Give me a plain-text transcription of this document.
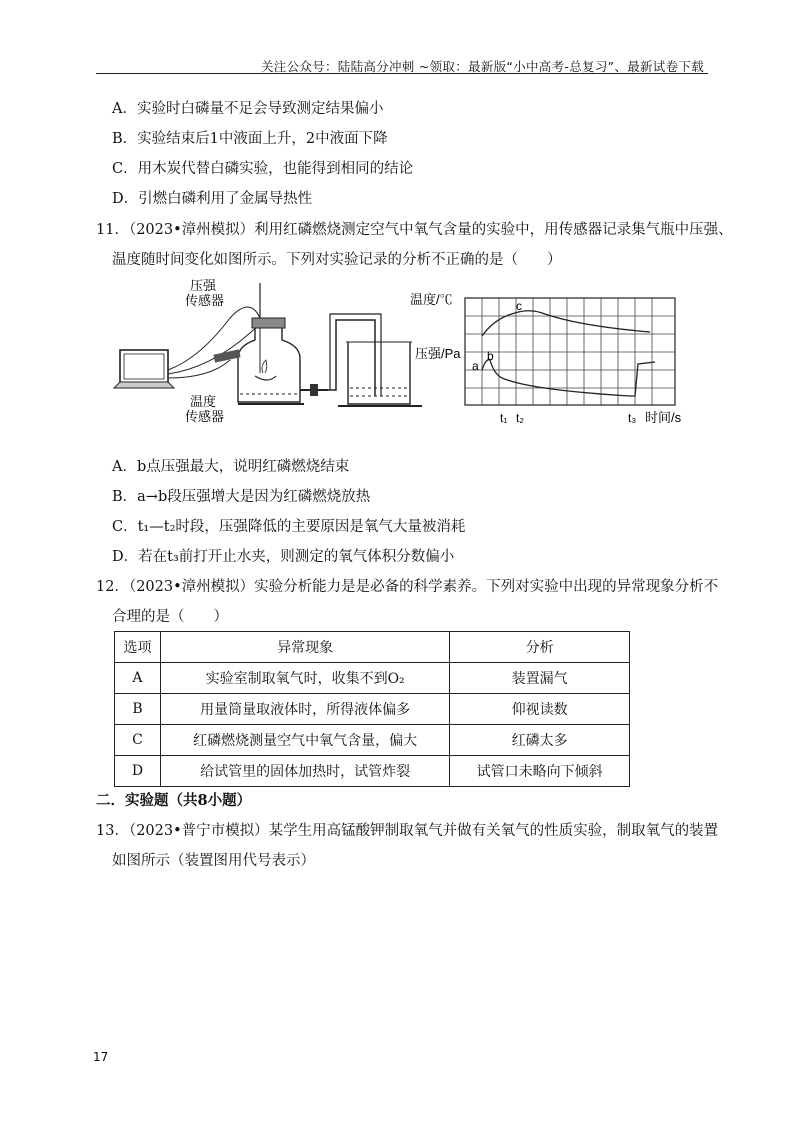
关注公众号：陆陆高分冲刺 ~领取：最新版“小中高考-总复习”、最新试卷下载
A．实验时白磷量不足会导致测定结果偏小
B．实验结束后1中液面上升，2中液面下降
C．用木炭代替白磷实验，也能得到相同的结论
D．引燃白磷利用了金属导热性
11．（2023•漳州模拟）利用红磷燃烧测定空气中氧气含量的实验中，用传感器记录集气瓶中压强、
温度随时间变化如图所示。下列对实验记录的分析不正确的是（　　）
压强
传感器
温度
传感器
温度/℃
压强/Pa
a
b
c
t₁ t₂	t₃ 时间/s
A．b点压强最大，说明红磷燃烧结束
B．a→b段压强增大是因为红磷燃烧放热
C．t₁—t₂时段，压强降低的主要原因是氧气大量被消耗
D．若在t₃前打开止水夹，则测定的氧气体积分数偏小
12．（2023•漳州模拟）实验分析能力是是必备的科学素养。下列对实验中出现的异常现象分析不
合理的是（　　）
选项	异常现象	分析
A	实验室制取氧气时，收集不到O₂	装置漏气
B	用量筒量取液体时，所得液体偏多	仰视读数
C	红磷燃烧测量空气中氧气含量，偏大	红磷太多
D	给试管里的固体加热时，试管炸裂	试管口未略向下倾斜
二．实验题（共8小题）
13．（2023•普宁市模拟）某学生用高锰酸钾制取氧气并做有关氧气的性质实验，制取氧气的装置
如图所示（装置图用代号表示）
17
